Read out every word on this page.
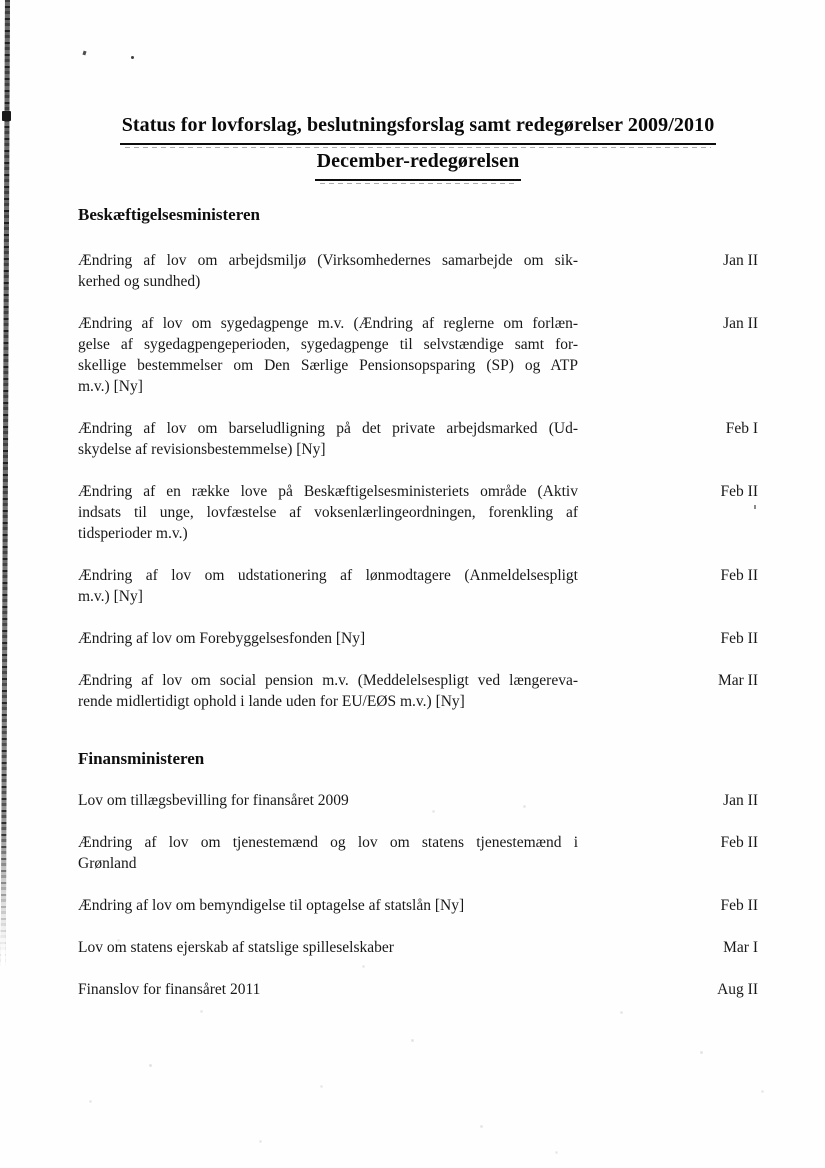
Status for lovforslag, beslutningsforslag samt redegørelser 2009/2010
December-redegørelsen
Beskæftigelsesministeren
Ændring af lov om arbejdsmiljø (Virksomhedernes samarbejde om sik-
kerhed og sundhed)
Jan II
Ændring af lov om sygedagpenge m.v. (Ændring af reglerne om forlæn-
gelse af sygedagpengeperioden, sygedagpenge til selvstændige samt for-
skellige bestemmelser om Den Særlige Pensionsopsparing (SP) og ATP
m.v.) [Ny]
Jan II
Ændring af lov om barseludligning på det private arbejdsmarked (Ud-
skydelse af revisionsbestemmelse) [Ny]
Feb I
Ændring af en række love på Beskæftigelsesministeriets område (Aktiv
indsats til unge, lovfæstelse af voksenlærlingeordningen, forenkling af
tidsperioder m.v.)
Feb II
Ændring af lov om udstationering af lønmodtagere (Anmeldelsespligt
m.v.) [Ny]
Feb II
Ændring af lov om Forebyggelsesfonden [Ny]	Feb II
Ændring af lov om social pension m.v. (Meddelelsespligt ved længereva-
rende midlertidigt ophold i lande uden for EU/EØS m.v.) [Ny]
Mar II
Finansministeren
Lov om tillægsbevilling for finansåret 2009	Jan II
Ændring af lov om tjenestemænd og lov om statens tjenestemænd i
Grønland
Feb II
Ændring af lov om bemyndigelse til optagelse af statslån [Ny]	Feb II
Lov om statens ejerskab af statslige spilleselskaber	Mar I
Finanslov for finansåret 2011	Aug II
